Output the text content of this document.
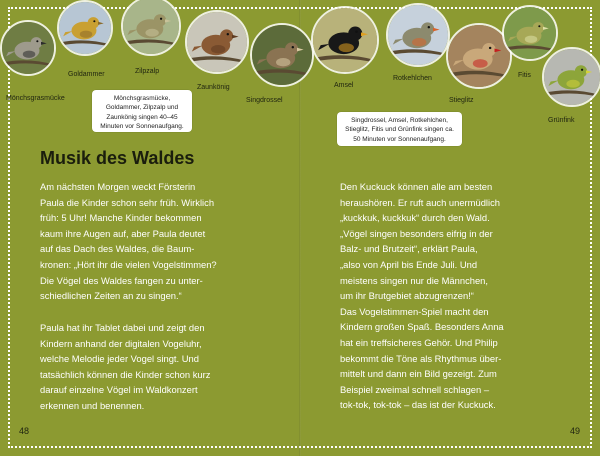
Mönchsgrasmücke
Goldammer	Zilpzalp
Zaunkönig
Singdrossel
Amsel
Rotkehlchen
Stieglitz
Fitis
Grünfink
Mönchsgrasmücke, Goldammer, Zilpzalp und Zaunkönig singen 40–45 Minuten vor Sonnenaufgang.
Singdrossel, Amsel, Rotkehlchen, Stieglitz, Fitis und Grünfink singen ca. 50 Minuten vor Sonnenaufgang.
Musik des Waldes

Am nächsten Morgen weckt Försterin
Paula die Kinder schon sehr früh. Wirklich
früh: 5 Uhr! Manche Kinder bekommen
kaum ihre Augen auf, aber Paula deutet
auf das Dach des Waldes, die Baum-
kronen: „Hört ihr die vielen Vogelstimmen?
Die Vögel des Waldes fangen zu unter-
schiedlichen Zeiten an zu singen.“

Paula hat ihr Tablet dabei und zeigt den
Kindern anhand der digitalen Vogeluhr,
welche Melodie jeder Vogel singt. Und
tatsächlich können die Kinder schon kurz
darauf einzelne Vögel im Waldkonzert
erkennen und benennen.

Den Kuckuck können alle am besten
heraushören. Er ruft auch unermüdlich
„kuckkuk, kuckkuk“ durch den Wald.
„Vögel singen besonders eifrig in der
Balz- und Brutzeit“, erklärt Paula,
„also von April bis Ende Juli. Und
meistens singen nur die Männchen,
um ihr Brutgebiet abzugrenzen!“
Das Vogelstimmen-Spiel macht den
Kindern großen Spaß. Besonders Anna
hat ein treffsicheres Gehör. Und Philip
bekommt die Töne als Rhythmus über-
mittelt und dann ein Bild gezeigt. Zum
Beispiel zweimal schnell schlagen –
tok-tok, tok-tok – das ist der Kuckuck.

48	49
